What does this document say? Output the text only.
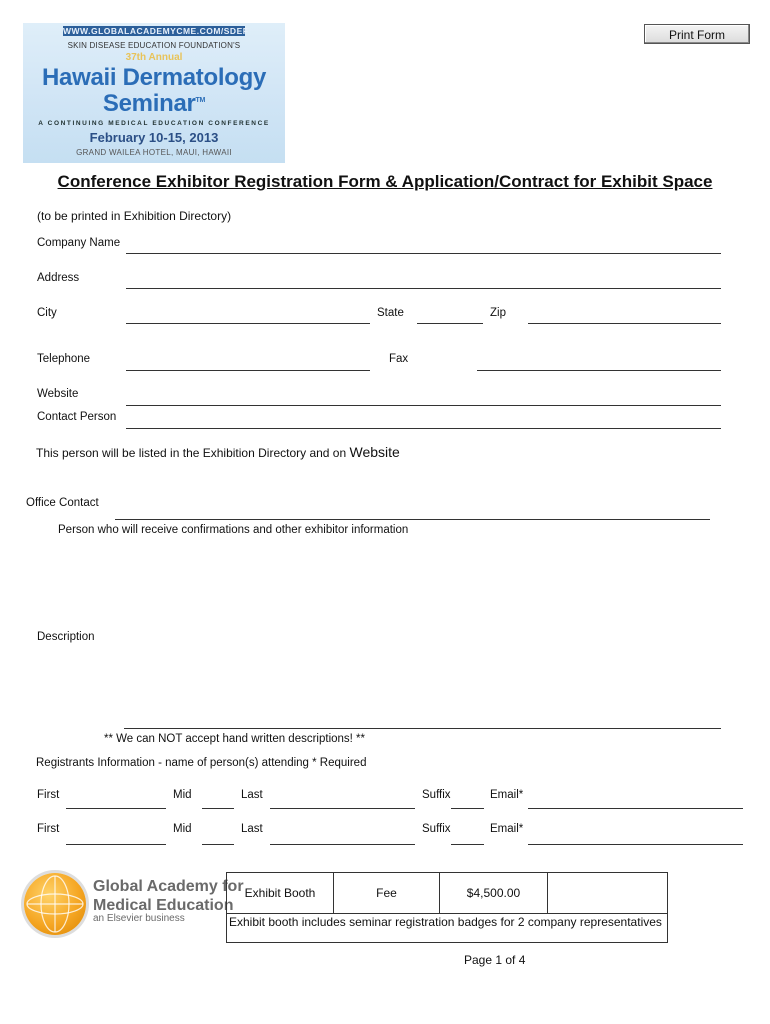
WWW.GLOBALACADEMYCME.COM/SDEF
SKIN DISEASE EDUCATION FOUNDATION'S
37th Annual
Hawaii Dermatology
Seminar™
A CONTINUING MEDICAL EDUCATION CONFERENCE
February 10-15, 2013
GRAND WAILEA HOTEL, MAUI, HAWAII
Print Form
Conference Exhibitor Registration Form & Application/Contract for Exhibit Space
(to be printed in Exhibition Directory)
Company Name
Address
City	State	Zip
Telephone	Fax
Website
Contact Person
This person will be listed in the Exhibition Directory and on Website
Office Contact
Person who will receive confirmations and other exhibitor information
Description
** We can NOT accept hand written descriptions! **
Registrants Information - name of person(s) attending * Required
First	Mid	Last	Suffix	Email*
First	Mid	Last	Suffix	Email*
Global Academy for
Medical Education
an Elsevier business
Exhibit Booth	Fee	$4,500.00
Exhibit booth includes seminar registration badges for 2 company representatives
Page 1 of 4
